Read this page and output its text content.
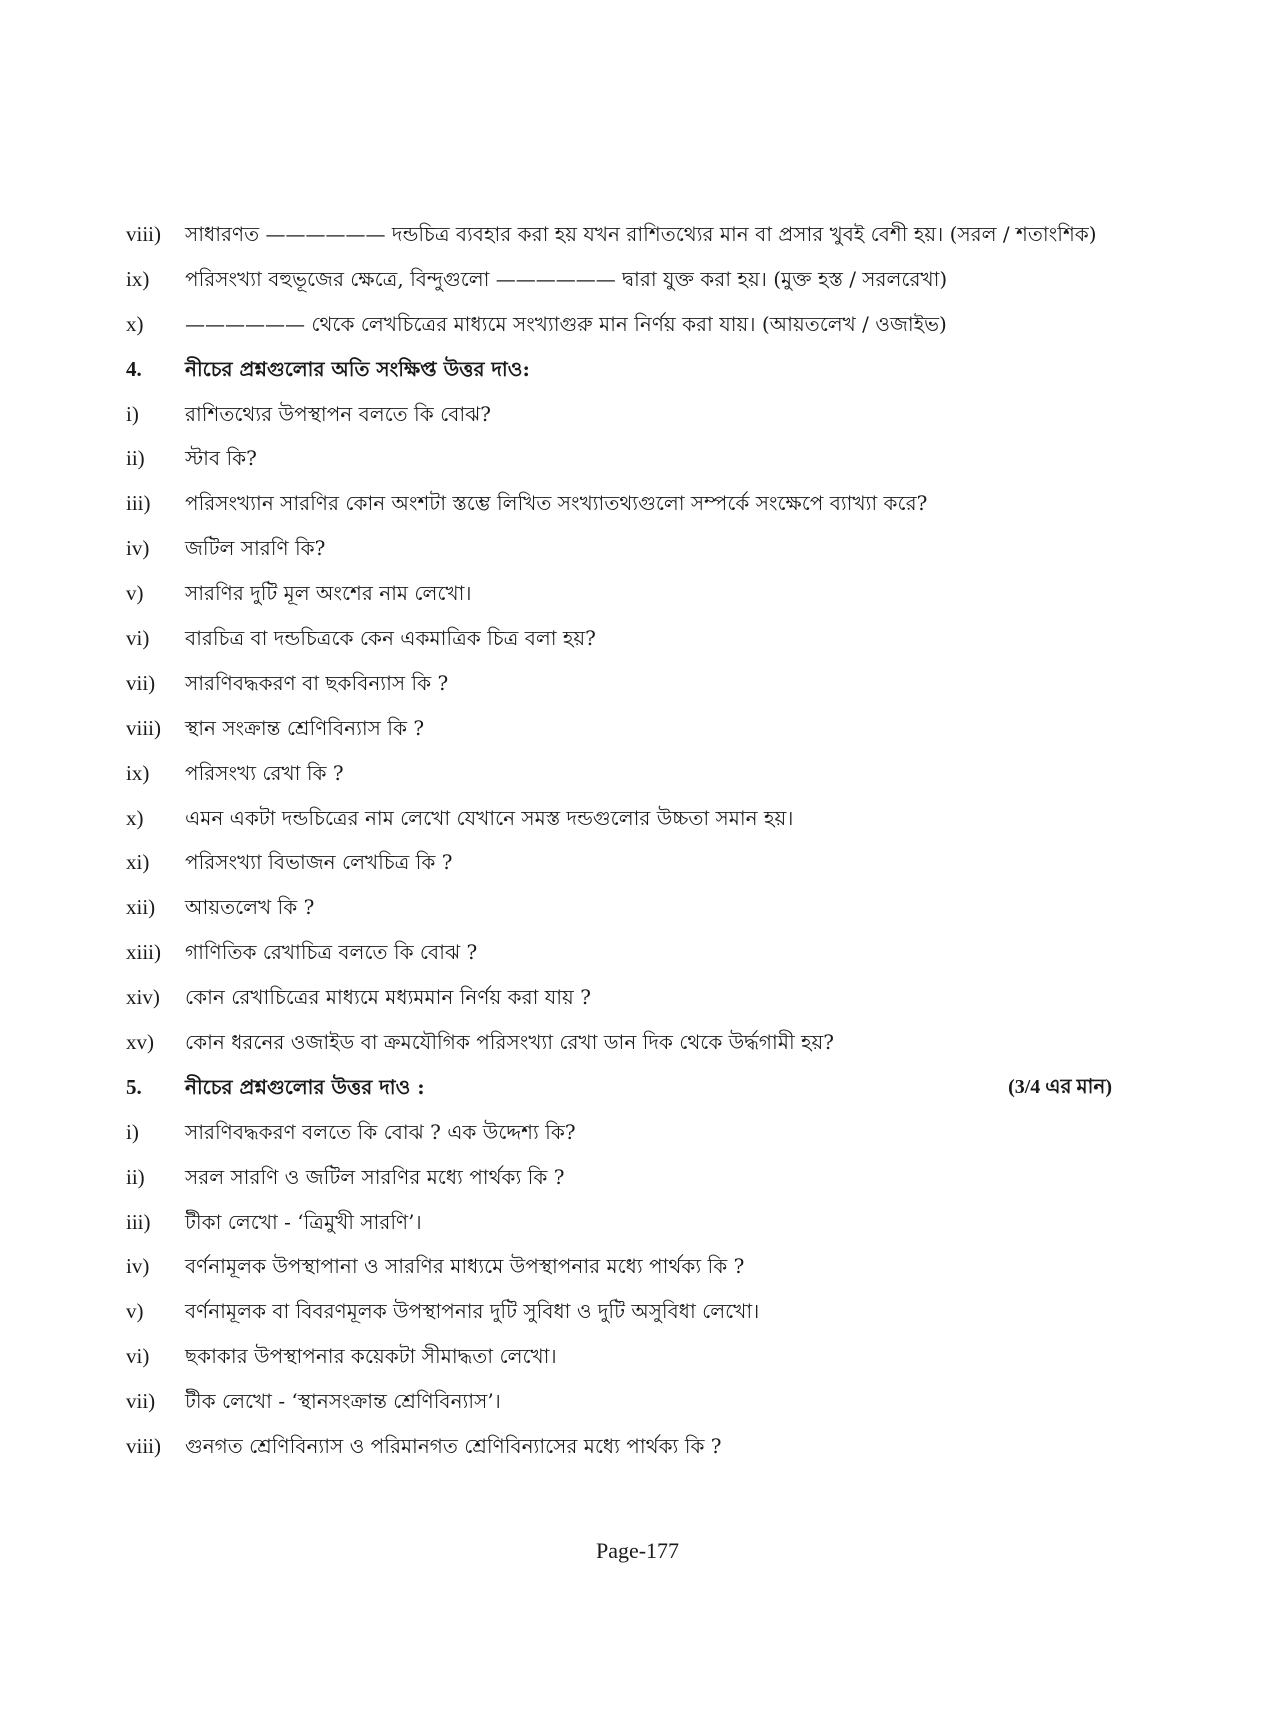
viii) সাধারণত —————— দন্ডচিত্র ব্যবহার করা হয় যখন রাশিতথ্যের মান বা প্রসার খুবই বেশী হয়। (সরল / শতাংশিক)
ix) পরিসংখ্যা বহুভূজের ক্ষেত্রে, বিন্দুগুলো —————— দ্বারা যুক্ত করা হয়। (মুক্ত হস্ত / সরলরেখা)
x) —————— থেকে লেখচিত্রের মাধ্যমে সংখ্যাগুরু মান নির্ণয় করা যায়। (আয়তলেখ / ওজাইভ)
4. নীচের প্রশ্নগুলোর অতি সংক্ষিপ্ত উত্তর দাও:
i) রাশিতথ্যের উপস্থাপন বলতে কি বোঝ?
ii) স্টাব কি?
iii) পরিসংখ্যান সারণির কোন অংশটা স্তম্ভে লিখিত সংখ্যাতথ্যগুলো সম্পর্কে সংক্ষেপে ব্যাখ্যা করে?
iv) জটিল সারণি কি?
v) সারণির দুটি মূল অংশের নাম লেখো।
vi) বারচিত্র বা দন্ডচিত্রকে কেন একমাত্রিক চিত্র বলা হয়?
vii) সারণিবদ্ধকরণ বা ছকবিন্যাস কি ?
viii) স্থান সংক্রান্ত শ্রেণিবিন্যাস কি ?
ix) পরিসংখ্য রেখা কি ?
x) এমন একটা দন্ডচিত্রের নাম লেখো যেখানে সমস্ত দন্ডগুলোর উচ্চতা সমান হয়।
xi) পরিসংখ্যা বিভাজন লেখচিত্র কি ?
xii) আয়তলেখ কি ?
xiii) গাণিতিক রেখাচিত্র বলতে কি বোঝ ?
xiv) কোন রেখাচিত্রের মাধ্যমে মধ্যমমান নির্ণয় করা যায় ?
xv) কোন ধরনের ওজাইড বা ক্রমযৌগিক পরিসংখ্যা রেখা ডান দিক থেকে উর্দ্ধগামী হয়?
5. নীচের প্রশ্নগুলোর উত্তর দাও :	(3/4 এর মান)
i) সারণিবদ্ধকরণ বলতে কি বোঝ ? এক উদ্দেশ্য কি?
ii) সরল সারণি ও জটিল সারণির মধ্যে পার্থক্য কি ?
iii) টীকা লেখো - ‘ত্রিমুখী সারণি’।
iv) বর্ণনামূলক উপস্থাপানা ও সারণির মাধ্যমে উপস্থাপনার মধ্যে পার্থক্য কি ?
v) বর্ণনামূলক বা বিবরণমূলক উপস্থাপনার দুটি সুবিধা ও দুটি অসুবিধা লেখো।
vi) ছকাকার উপস্থাপনার কয়েকটা সীমাদ্ধতা লেখো।
vii) টীক লেখো - ‘স্থানসংক্রান্ত শ্রেণিবিন্যাস’।
viii) গুনগত শ্রেণিবিন্যাস ও পরিমানগত শ্রেণিবিন্যাসের মধ্যে পার্থক্য কি ?
Page-177
